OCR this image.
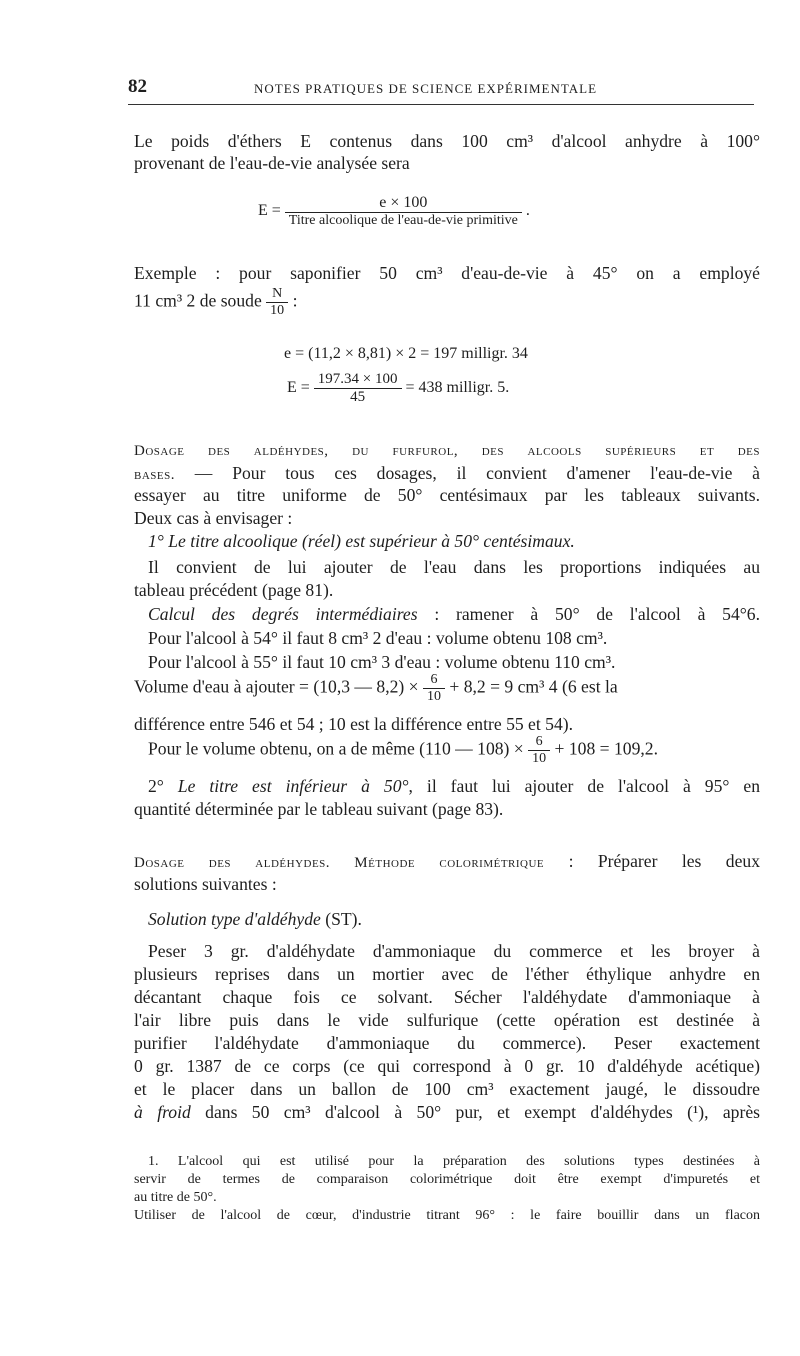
82	NOTES PRATIQUES DE SCIENCE EXPÉRIMENTALE
Le poids d'éthers E contenus dans 100 cm³ d'alcool anhydre à 100°
provenant de l'eau-de-vie analysée sera
$E = \frac{e \times 100}{\text{Titre alcoolique de l'eau-de-vie primitive}}$ .
Exemple : pour saponifier 50 cm³ d'eau-de-vie à 45° on a employé
11 cm³ 2 de soude $\frac{N}{10}$ :
e = (11,2 × 8,81) × 2 = 197 milligr. 34
$E = \frac{197.34 \times 100}{45} = 438$ milligr. 5.
Dosage des aldéhydes, du furfurol, des alcools supérieurs et des
bases. — Pour tous ces dosages, il convient d'amener l'eau-de-vie à
essayer au titre uniforme de 50° centésimaux par les tableaux suivants.
Deux cas à envisager :
1° Le titre alcoolique (réel) est supérieur à 50° centésimaux.
Il convient de lui ajouter de l'eau dans les proportions indiquées au
tableau précédent (page 81).
Calcul des degrés intermédiaires : ramener à 50° de l'alcool à 54°6.
Pour l'alcool à 54° il faut 8 cm³ 2 d'eau : volume obtenu 108 cm³.
Pour l'alcool à 55° il faut 10 cm³ 3 d'eau : volume obtenu 110 cm³.
Volume d'eau à ajouter = (10,3 — $8,2) \times \frac{6}{10} + 8,2 = 9$ cm³ 4 (6 est la
différence entre 546 et 54 ; 10 est la différence entre 55 et 54).
Pour le volume obtenu, on a de même (110 — $108) \times \frac{6}{10} + 108 = 109,2$.
2° Le titre est inférieur à 50°, il faut lui ajouter de l'alcool à 95° en
quantité déterminée par le tableau suivant (page 83).
Dosage des aldéhydes. Méthode colorimétrique : Préparer les deux
solutions suivantes :
Solution type d'aldéhyde (ST).
Peser 3 gr. d'aldéhydate d'ammoniaque du commerce et les broyer à
plusieurs reprises dans un mortier avec de l'éther éthylique anhydre en
décantant chaque fois ce solvant. Sécher l'aldéhydate d'ammoniaque à
l'air libre puis dans le vide sulfurique (cette opération est destinée à
purifier l'aldéhydate d'ammoniaque du commerce). Peser exactement
0 gr. 1387 de ce corps (ce qui correspond à 0 gr. 10 d'aldéhyde acétique)
et le placer dans un ballon de 100 cm³ exactement jaugé, le dissoudre
à froid dans 50 cm³ d'alcool à 50° pur, et exempt d'aldéhydes (¹), après
1. L'alcool qui est utilisé pour la préparation des solutions types destinées à
servir de termes de comparaison colorimétrique doit être exempt d'impuretés et
au titre de 50°.
Utiliser de l'alcool de cœur, d'industrie titrant 96° : le faire bouillir dans un flacon
